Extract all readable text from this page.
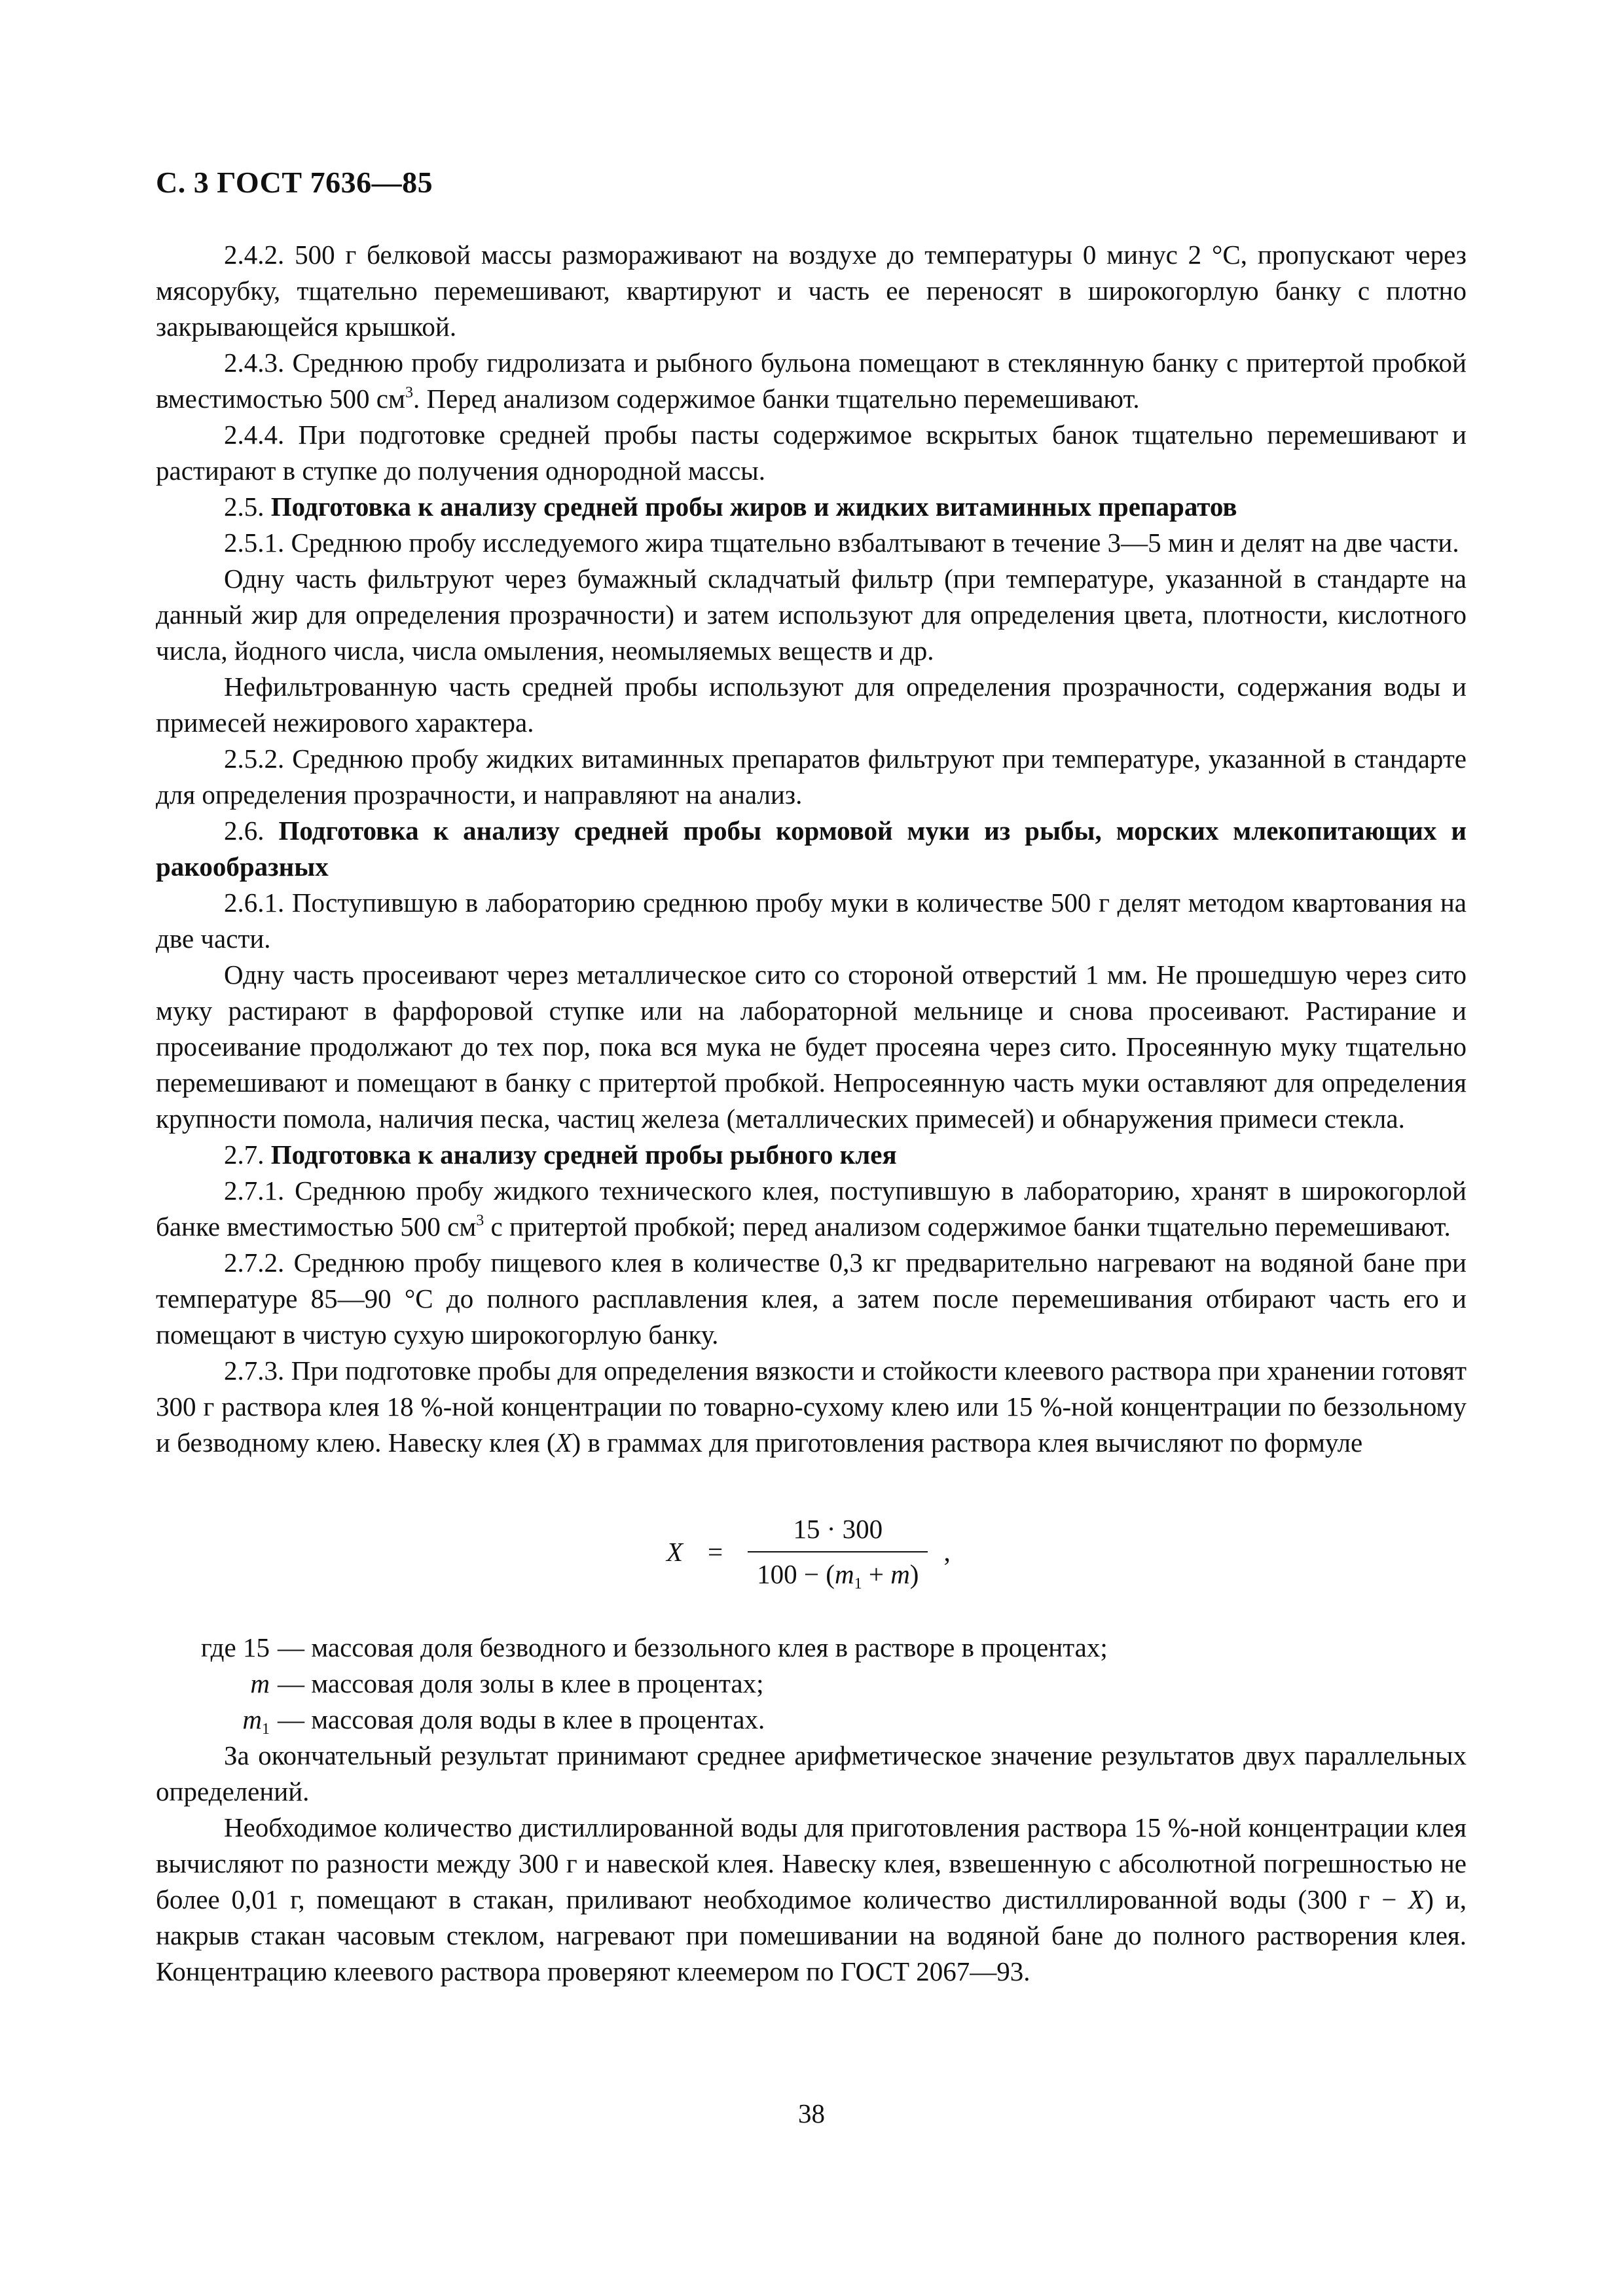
С. 3 ГОСТ 7636—85

2.4.2. 500 г белковой массы размораживают на воздухе до температуры 0 минус 2 °С, пропускают через мясорубку, тщательно перемешивают, квартируют и часть ее переносят в широкогорлую банку с плотно закрывающейся крышкой.

2.4.3. Среднюю пробу гидролизата и рыбного бульона помещают в стеклянную банку с притертой пробкой вместимостью 500 $см^3$. Перед анализом содержимое банки тщательно перемешивают.

2.4.4. При подготовке средней пробы пасты содержимое вскрытых банок тщательно перемешивают и растирают в ступке до получения однородной массы.

2.5. Подготовка к анализу средней пробы жиров и жидких витаминных препаратов

2.5.1. Среднюю пробу исследуемого жира тщательно взбалтывают в течение 3—5 мин и делят на две части.

Одну часть фильтруют через бумажный складчатый фильтр (при температуре, указанной в стандарте на данный жир для определения прозрачности) и затем используют для определения цвета, плотности, кислотного числа, йодного числа, числа омыления, неомыляемых веществ и др.

Нефильтрованную часть средней пробы используют для определения прозрачности, содержания воды и примесей нежирового характера.

2.5.2. Среднюю пробу жидких витаминных препаратов фильтруют при температуре, указанной в стандарте для определения прозрачности, и направляют на анализ.

2.6. Подготовка к анализу средней пробы кормовой муки из рыбы, морских млекопитающих и ракообразных

2.6.1. Поступившую в лабораторию среднюю пробу муки в количестве 500 г делят методом квартования на две части.

Одну часть просеивают через металлическое сито со стороной отверстий 1 мм. Не прошедшую через сито муку растирают в фарфоровой ступке или на лабораторной мельнице и снова просеивают. Растирание и просеивание продолжают до тех пор, пока вся мука не будет просеяна через сито. Просеянную муку тщательно перемешивают и помещают в банку с притертой пробкой. Непросеянную часть муки оставляют для определения крупности помола, наличия песка, частиц железа (металлических примесей) и обнаружения примеси стекла.

2.7. Подготовка к анализу средней пробы рыбного клея

2.7.1. Среднюю пробу жидкого технического клея, поступившую в лабораторию, хранят в широкогорлой банке вместимостью 500 $см^3$ с притертой пробкой; перед анализом содержимое банки тщательно перемешивают.

2.7.2. Среднюю пробу пищевого клея в количестве 0,3 кг предварительно нагревают на водяной бане при температуре 85—90 °С до полного расплавления клея, а затем после перемешивания отбирают часть его и помещают в чистую сухую широкогорлую банку.

2.7.3. При подготовке пробы для определения вязкости и стойкости клеевого раствора при хранении готовят 300 г раствора клея 18 %-ной концентрации по товарно-сухому клею или 15 %-ной концентрации по беззольному и безводному клею. Навеску клея (X) в граммах для приготовления раствора клея вычисляют по формуле

$X = \frac{15 \cdot 300}{100 - (m_1 + m)}$ ,
где 15 — массовая доля безводного и беззольного клея в растворе в процентах;
m — массовая доля золы в клее в процентах;
$m_1$ — массовая доля воды в клее в процентах.

За окончательный результат принимают среднее арифметическое значение результатов двух параллельных определений.

Необходимое количество дистиллированной воды для приготовления раствора 15 %-ной концентрации клея вычисляют по разности между 300 г и навеской клея. Навеску клея, взвешенную с абсолютной погрешностью не более 0,01 г, помещают в стакан, приливают необходимое количество дистиллированной воды (300 г − X) и, накрыв стакан часовым стеклом, нагревают при помешивании на водяной бане до полного растворения клея. Концентрацию клеевого раствора проверяют клеемером по ГОСТ 2067—93.

38
